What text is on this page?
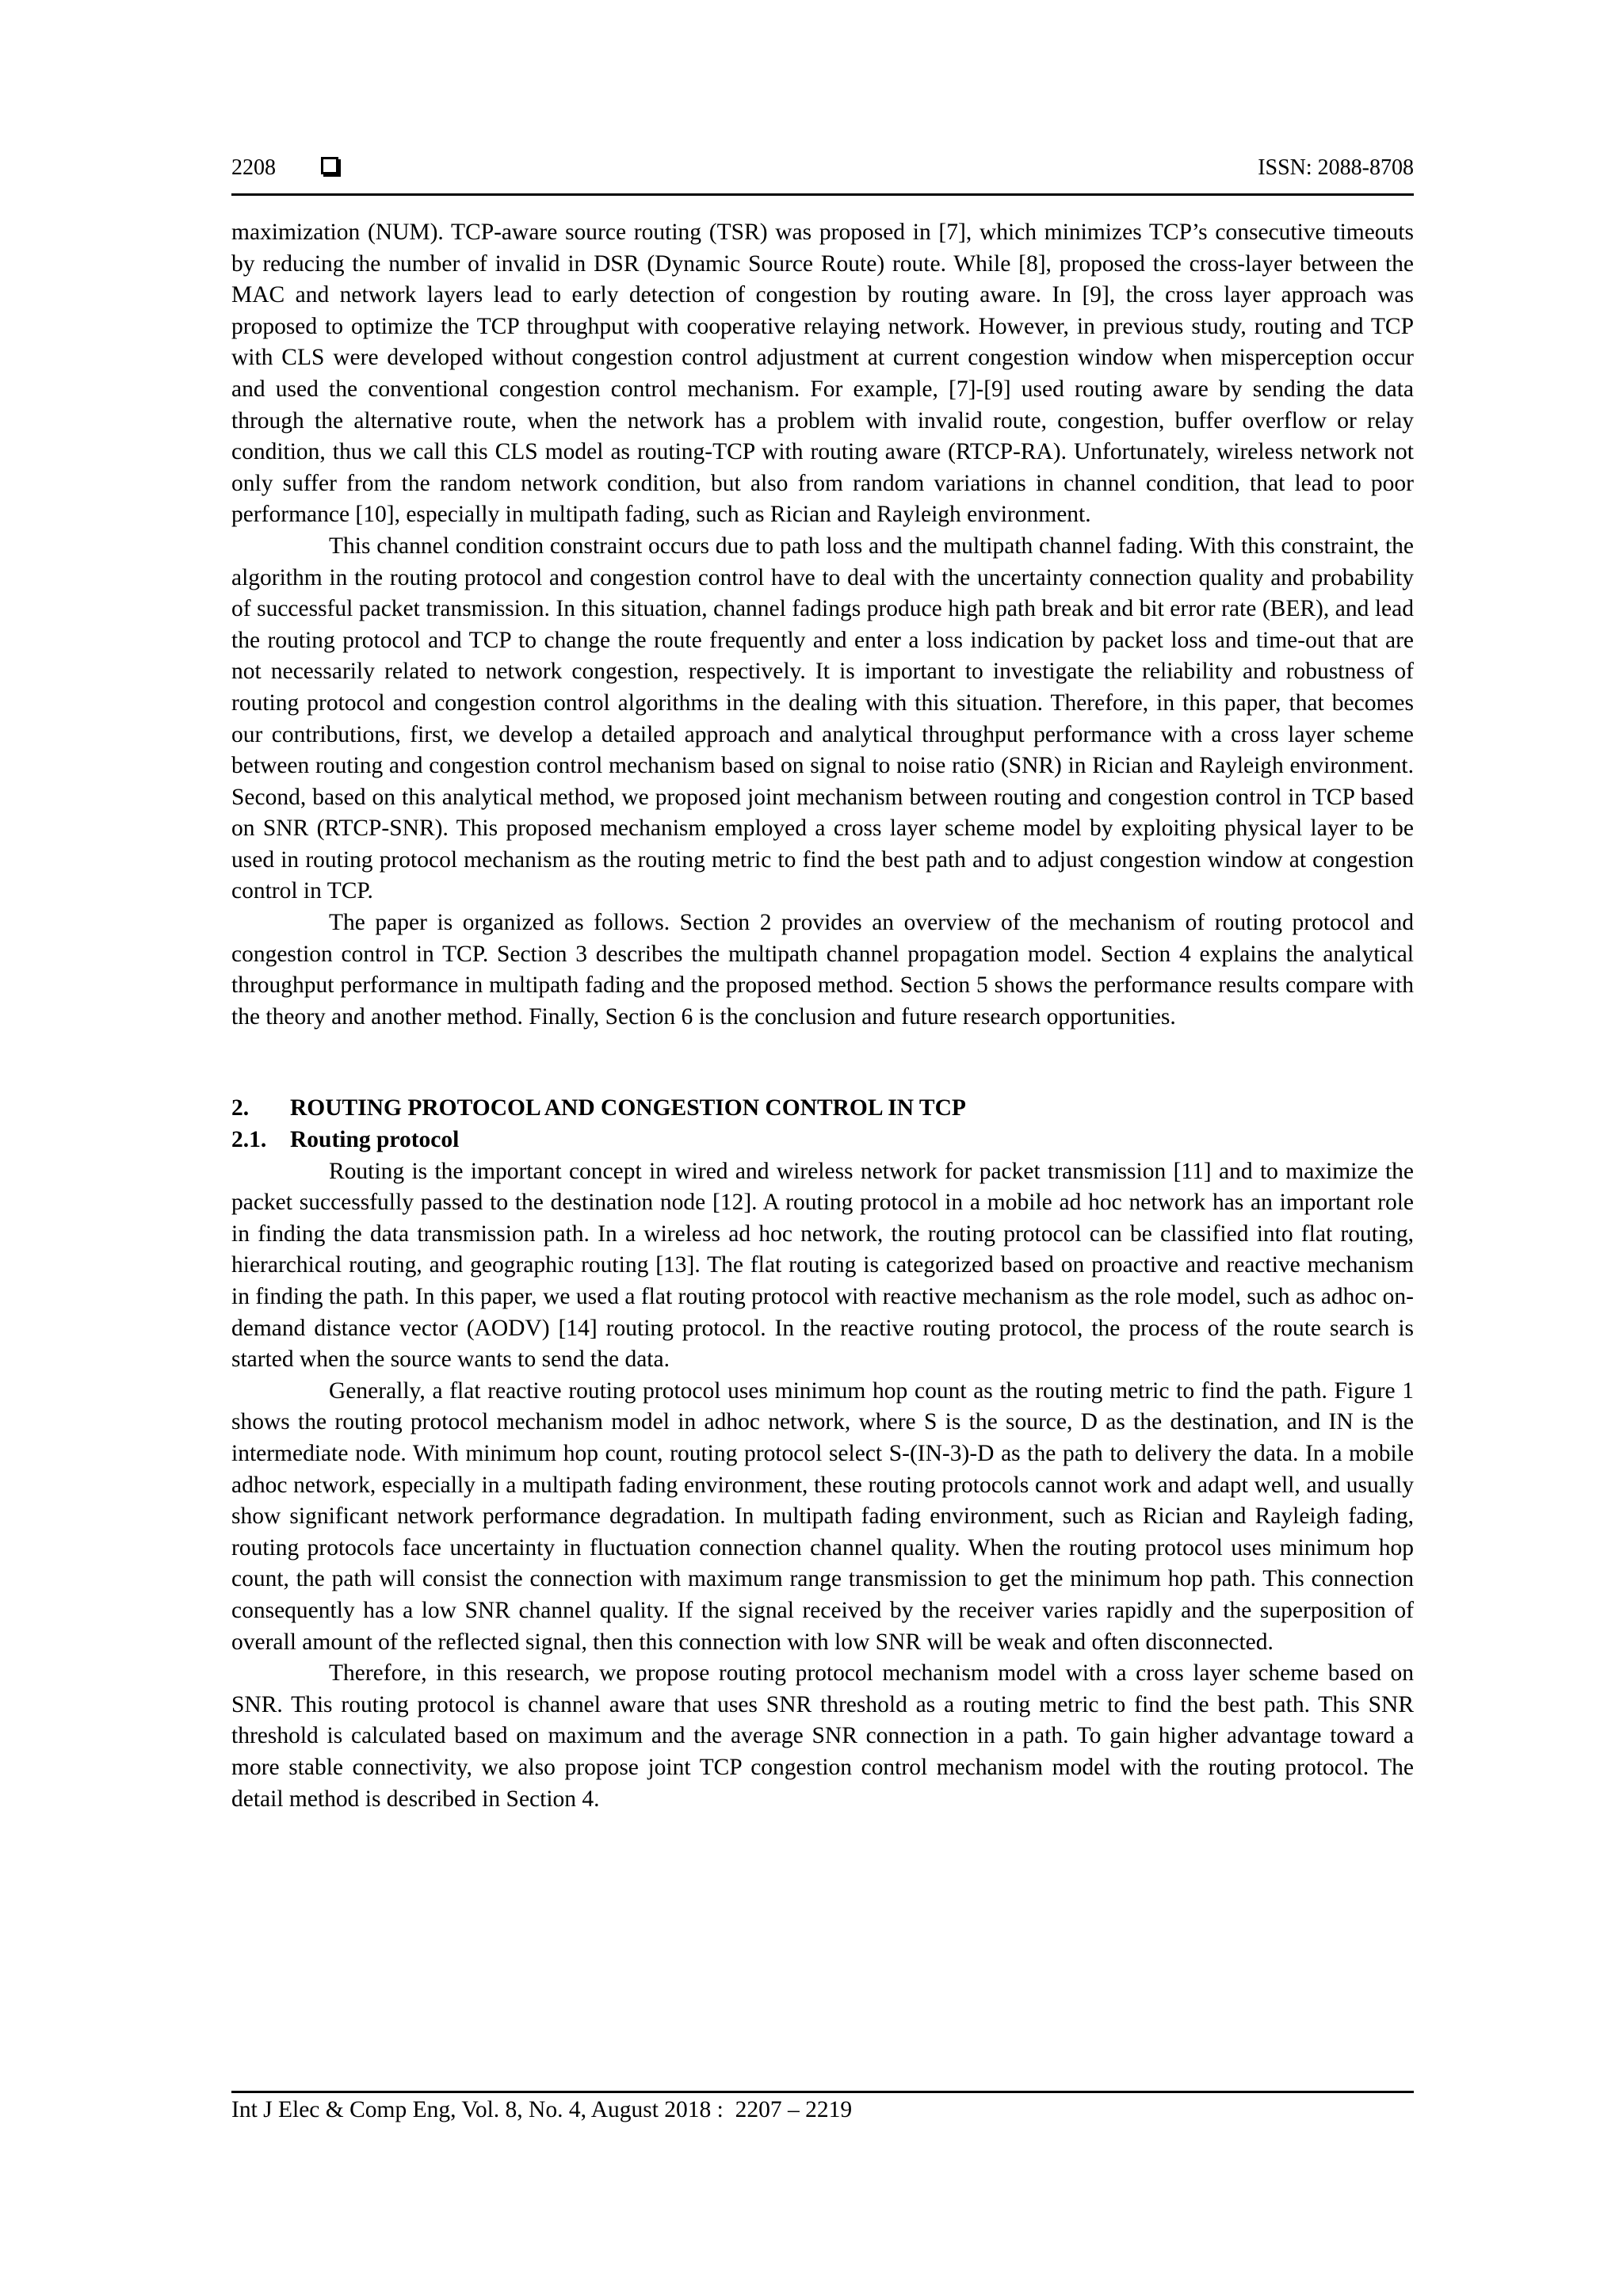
2208	ISSN: 2088-8708

maximization (NUM). TCP-aware source routing (TSR) was proposed in [7], which minimizes TCP’s consecutive timeouts by reducing the number of invalid in DSR (Dynamic Source Route) route. While [8], proposed the cross-layer between the MAC and network layers lead to early detection of congestion by routing aware. In [9], the cross layer approach was proposed to optimize the TCP throughput with cooperative relaying network. However, in previous study, routing and TCP with CLS were developed without congestion control adjustment at current congestion window when misperception occur and used the conventional congestion control mechanism. For example, [7]-[9] used routing aware by sending the data through the alternative route, when the network has a problem with invalid route, congestion, buffer overflow or relay condition, thus we call this CLS model as routing-TCP with routing aware (RTCP-RA). Unfortunately, wireless network not only suffer from the random network condition, but also from random variations in channel condition, that lead to poor performance [10], especially in multipath fading, such as Rician and Rayleigh environment.

This channel condition constraint occurs due to path loss and the multipath channel fading. With this constraint, the algorithm in the routing protocol and congestion control have to deal with the uncertainty connection quality and probability of successful packet transmission. In this situation, channel fadings produce high path break and bit error rate (BER), and lead the routing protocol and TCP to change the route frequently and enter a loss indication by packet loss and time-out that are not necessarily related to network congestion, respectively. It is important to investigate the reliability and robustness of routing protocol and congestion control algorithms in the dealing with this situation. Therefore, in this paper, that becomes our contributions, first, we develop a detailed approach and analytical throughput performance with a cross layer scheme between routing and congestion control mechanism based on signal to noise ratio (SNR) in Rician and Rayleigh environment. Second, based on this analytical method, we proposed joint mechanism between routing and congestion control in TCP based on SNR (RTCP-SNR). This proposed mechanism employed a cross layer scheme model by exploiting physical layer to be used in routing protocol mechanism as the routing metric to find the best path and to adjust congestion window at congestion control in TCP.

The paper is organized as follows. Section 2 provides an overview of the mechanism of routing protocol and congestion control in TCP. Section 3 describes the multipath channel propagation model. Section 4 explains the analytical throughput performance in multipath fading and the proposed method. Section 5 shows the performance results compare with the theory and another method. Finally, Section 6 is the conclusion and future research opportunities.

2. ROUTING PROTOCOL AND CONGESTION CONTROL IN TCP
2.1. Routing protocol

Routing is the important concept in wired and wireless network for packet transmission [11] and to maximize the packet successfully passed to the destination node [12]. A routing protocol in a mobile ad hoc network has an important role in finding the data transmission path. In a wireless ad hoc network, the routing protocol can be classified into flat routing, hierarchical routing, and geographic routing [13]. The flat routing is categorized based on proactive and reactive mechanism in finding the path. In this paper, we used a flat routing protocol with reactive mechanism as the role model, such as adhoc on-demand distance vector (AODV) [14] routing protocol. In the reactive routing protocol, the process of the route search is started when the source wants to send the data.

Generally, a flat reactive routing protocol uses minimum hop count as the routing metric to find the path. Figure 1 shows the routing protocol mechanism model in adhoc network, where S is the source, D as the destination, and IN is the intermediate node. With minimum hop count, routing protocol select S-(IN-3)-D as the path to delivery the data. In a mobile adhoc network, especially in a multipath fading environment, these routing protocols cannot work and adapt well, and usually show significant network performance degradation. In multipath fading environment, such as Rician and Rayleigh fading, routing protocols face uncertainty in fluctuation connection channel quality. When the routing protocol uses minimum hop count, the path will consist the connection with maximum range transmission to get the minimum hop path. This connection consequently has a low SNR channel quality. If the signal received by the receiver varies rapidly and the superposition of overall amount of the reflected signal, then this connection with low SNR will be weak and often disconnected.

Therefore, in this research, we propose routing protocol mechanism model with a cross layer scheme based on SNR. This routing protocol is channel aware that uses SNR threshold as a routing metric to find the best path. This SNR threshold is calculated based on maximum and the average SNR connection in a path. To gain higher advantage toward a more stable connectivity, we also propose joint TCP congestion control mechanism model with the routing protocol. The detail method is described in Section 4.

Int J Elec & Comp Eng, Vol. 8, No. 4, August 2018 :  2207 – 2219
